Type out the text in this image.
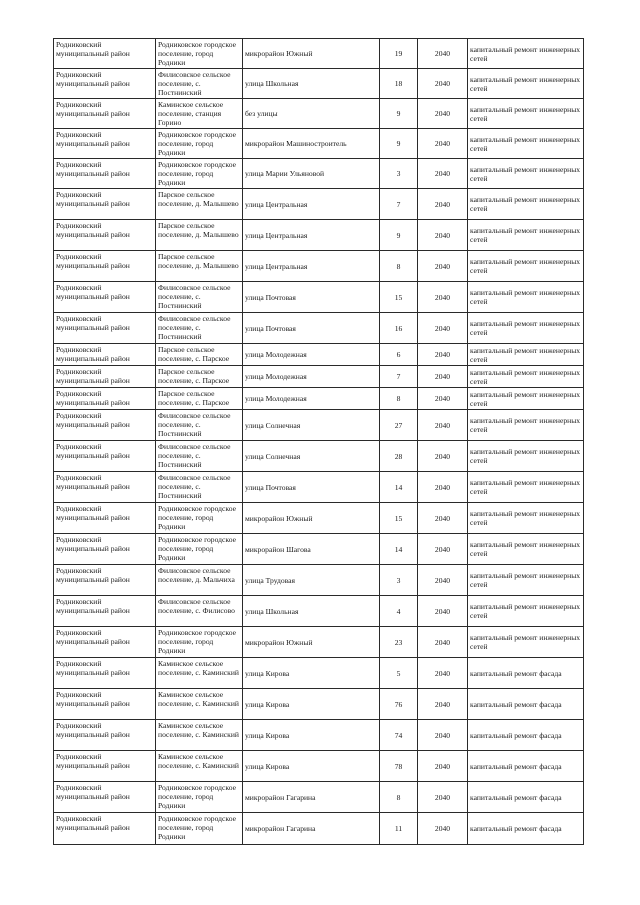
Родниковский муниципальный район	Родниковское городское поселение, город Родники	микрорайон Южный	19	2040	капитальный ремонт инженерных сетей
Родниковский муниципальный район	Филисовское сельское поселение, с. Постнинский	улица Школьная	18	2040	капитальный ремонт инженерных сетей
Родниковский муниципальный район	Каминское сельское поселение, станция Горино	без улицы	9	2040	капитальный ремонт инженерных сетей
Родниковский муниципальный район	Родниковское городское поселение, город Родники	микрорайон Машиностроитель	9	2040	капитальный ремонт инженерных сетей
Родниковский муниципальный район	Родниковское городское поселение, город Родники	улица Марии Ульяновой	3	2040	капитальный ремонт инженерных сетей
Родниковский муниципальный район	Парское сельское поселение, д. Малышево	улица Центральная	7	2040	капитальный ремонт инженерных сетей
Родниковский муниципальный район	Парское сельское поселение, д. Малышево	улица Центральная	9	2040	капитальный ремонт инженерных сетей
Родниковский муниципальный район	Парское сельское поселение, д. Малышево	улица Центральная	8	2040	капитальный ремонт инженерных сетей
Родниковский муниципальный район	Филисовское сельское поселение, с. Постнинский	улица Почтовая	15	2040	капитальный ремонт инженерных сетей
Родниковский муниципальный район	Филисовское сельское поселение, с. Постнинский	улица Почтовая	16	2040	капитальный ремонт инженерных сетей
Родниковский муниципальный район	Парское сельское поселение, с. Парское	улица Молодежная	6	2040	капитальный ремонт инженерных сетей
Родниковский муниципальный район	Парское сельское поселение, с. Парское	улица Молодежная	7	2040	капитальный ремонт инженерных сетей
Родниковский муниципальный район	Парское сельское поселение, с. Парское	улица Молодежная	8	2040	капитальный ремонт инженерных сетей
Родниковский муниципальный район	Филисовское сельское поселение, с. Постнинский	улица Солнечная	27	2040	капитальный ремонт инженерных сетей
Родниковский муниципальный район	Филисовское сельское поселение, с. Постнинский	улица Солнечная	28	2040	капитальный ремонт инженерных сетей
Родниковский муниципальный район	Филисовское сельское поселение, с. Постнинский	улица Почтовая	14	2040	капитальный ремонт инженерных сетей
Родниковский муниципальный район	Родниковское городское поселение, город Родники	микрорайон Южный	15	2040	капитальный ремонт инженерных сетей
Родниковский муниципальный район	Родниковское городское поселение, город Родники	микрорайон Шагова	14	2040	капитальный ремонт инженерных сетей
Родниковский муниципальный район	Филисовское сельское поселение, д. Мальчиха	улица Трудовая	3	2040	капитальный ремонт инженерных сетей
Родниковский муниципальный район	Филисовское сельское поселение, с. Филисово	улица Школьная	4	2040	капитальный ремонт инженерных сетей
Родниковский муниципальный район	Родниковское городское поселение, город Родники	микрорайон Южный	23	2040	капитальный ремонт инженерных сетей
Родниковский муниципальный район	Каминское сельское поселение, с. Каминский	улица Кирова	5	2040	капитальный ремонт фасада
Родниковский муниципальный район	Каминское сельское поселение, с. Каминский	улица Кирова	76	2040	капитальный ремонт фасада
Родниковский муниципальный район	Каминское сельское поселение, с. Каминский	улица Кирова	74	2040	капитальный ремонт фасада
Родниковский муниципальный район	Каминское сельское поселение, с. Каминский	улица Кирова	78	2040	капитальный ремонт фасада
Родниковский муниципальный район	Родниковское городское поселение, город Родники	микрорайон Гагарина	8	2040	капитальный ремонт фасада
Родниковский муниципальный район	Родниковское городское поселение, город Родники	микрорайон Гагарина	11	2040	капитальный ремонт фасада
